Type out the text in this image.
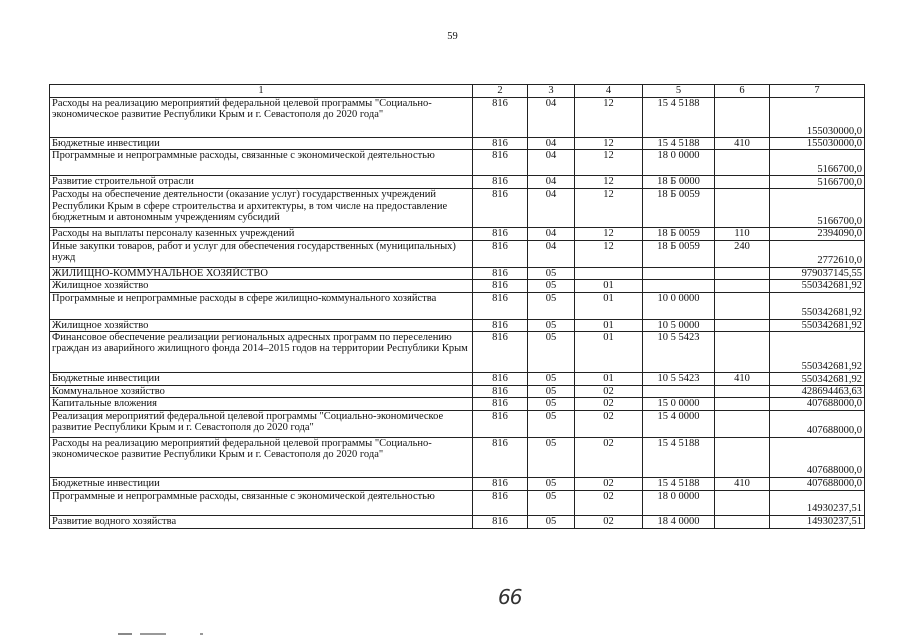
59
1	2	3	4	5	6	7
Расходы на реализацию мероприятий федеральной целевой программы "Социально-экономическое развитие Республики Крым и г. Севастополя до 2020 года"	816	04	12	15 4 5188		155030000,0
Бюджетные инвестиции	816	04	12	15 4 5188	410	155030000,0
Программные и непрограммные расходы, связанные с экономической деятельностью	816	04	12	18 0 0000		5166700,0
Развитие строительной отрасли	816	04	12	18 Б 0000		5166700,0
Расходы на обеспечение деятельности (оказание услуг) государственных учреждений Республики Крым в сфере строительства и архитектуры, в том числе на предоставление бюджетным и автономным учреждениям субсидий	816	04	12	18 Б 0059		5166700,0
Расходы на выплаты персоналу казенных учреждений	816	04	12	18 Б 0059	110	2394090,0
Иные закупки товаров, работ и услуг для обеспечения государственных (муниципальных) нужд	816	04	12	18 Б 0059	240	2772610,0
ЖИЛИЩНО-КОММУНАЛЬНОЕ ХОЗЯЙСТВО	816	05				979037145,55
Жилищное хозяйство	816	05	01			550342681,92
Программные и непрограммные расходы в сфере жилищно-коммунального хозяйства	816	05	01	10 0 0000		550342681,92
Жилищное хозяйство	816	05	01	10 5 0000		550342681,92
Финансовое обеспечение реализации региональных адресных программ по переселению граждан из аварийного жилищного фонда 2014–2015 годов на территории Республики Крым	816	05	01	10 5 5423		550342681,92
Бюджетные инвестиции	816	05	01	10 5 5423	410	550342681,92
Коммунальное хозяйство	816	05	02			428694463,63
Капитальные вложения	816	05	02	15 0 0000		407688000,0
Реализация мероприятий федеральной целевой программы "Социально-экономическое развитие Республики Крым и г. Севастополя до 2020 года"	816	05	02	15 4 0000		407688000,0
Расходы на реализацию мероприятий федеральной целевой программы "Социально-экономическое развитие Республики Крым и г. Севастополя до 2020 года"	816	05	02	15 4 5188		407688000,0
Бюджетные инвестиции	816	05	02	15 4 5188	410	407688000,0
Программные и непрограммные расходы, связанные с экономической деятельностью	816	05	02	18 0 0000		14930237,51
Развитие водного хозяйства	816	05	02	18 4 0000		14930237,51
66
